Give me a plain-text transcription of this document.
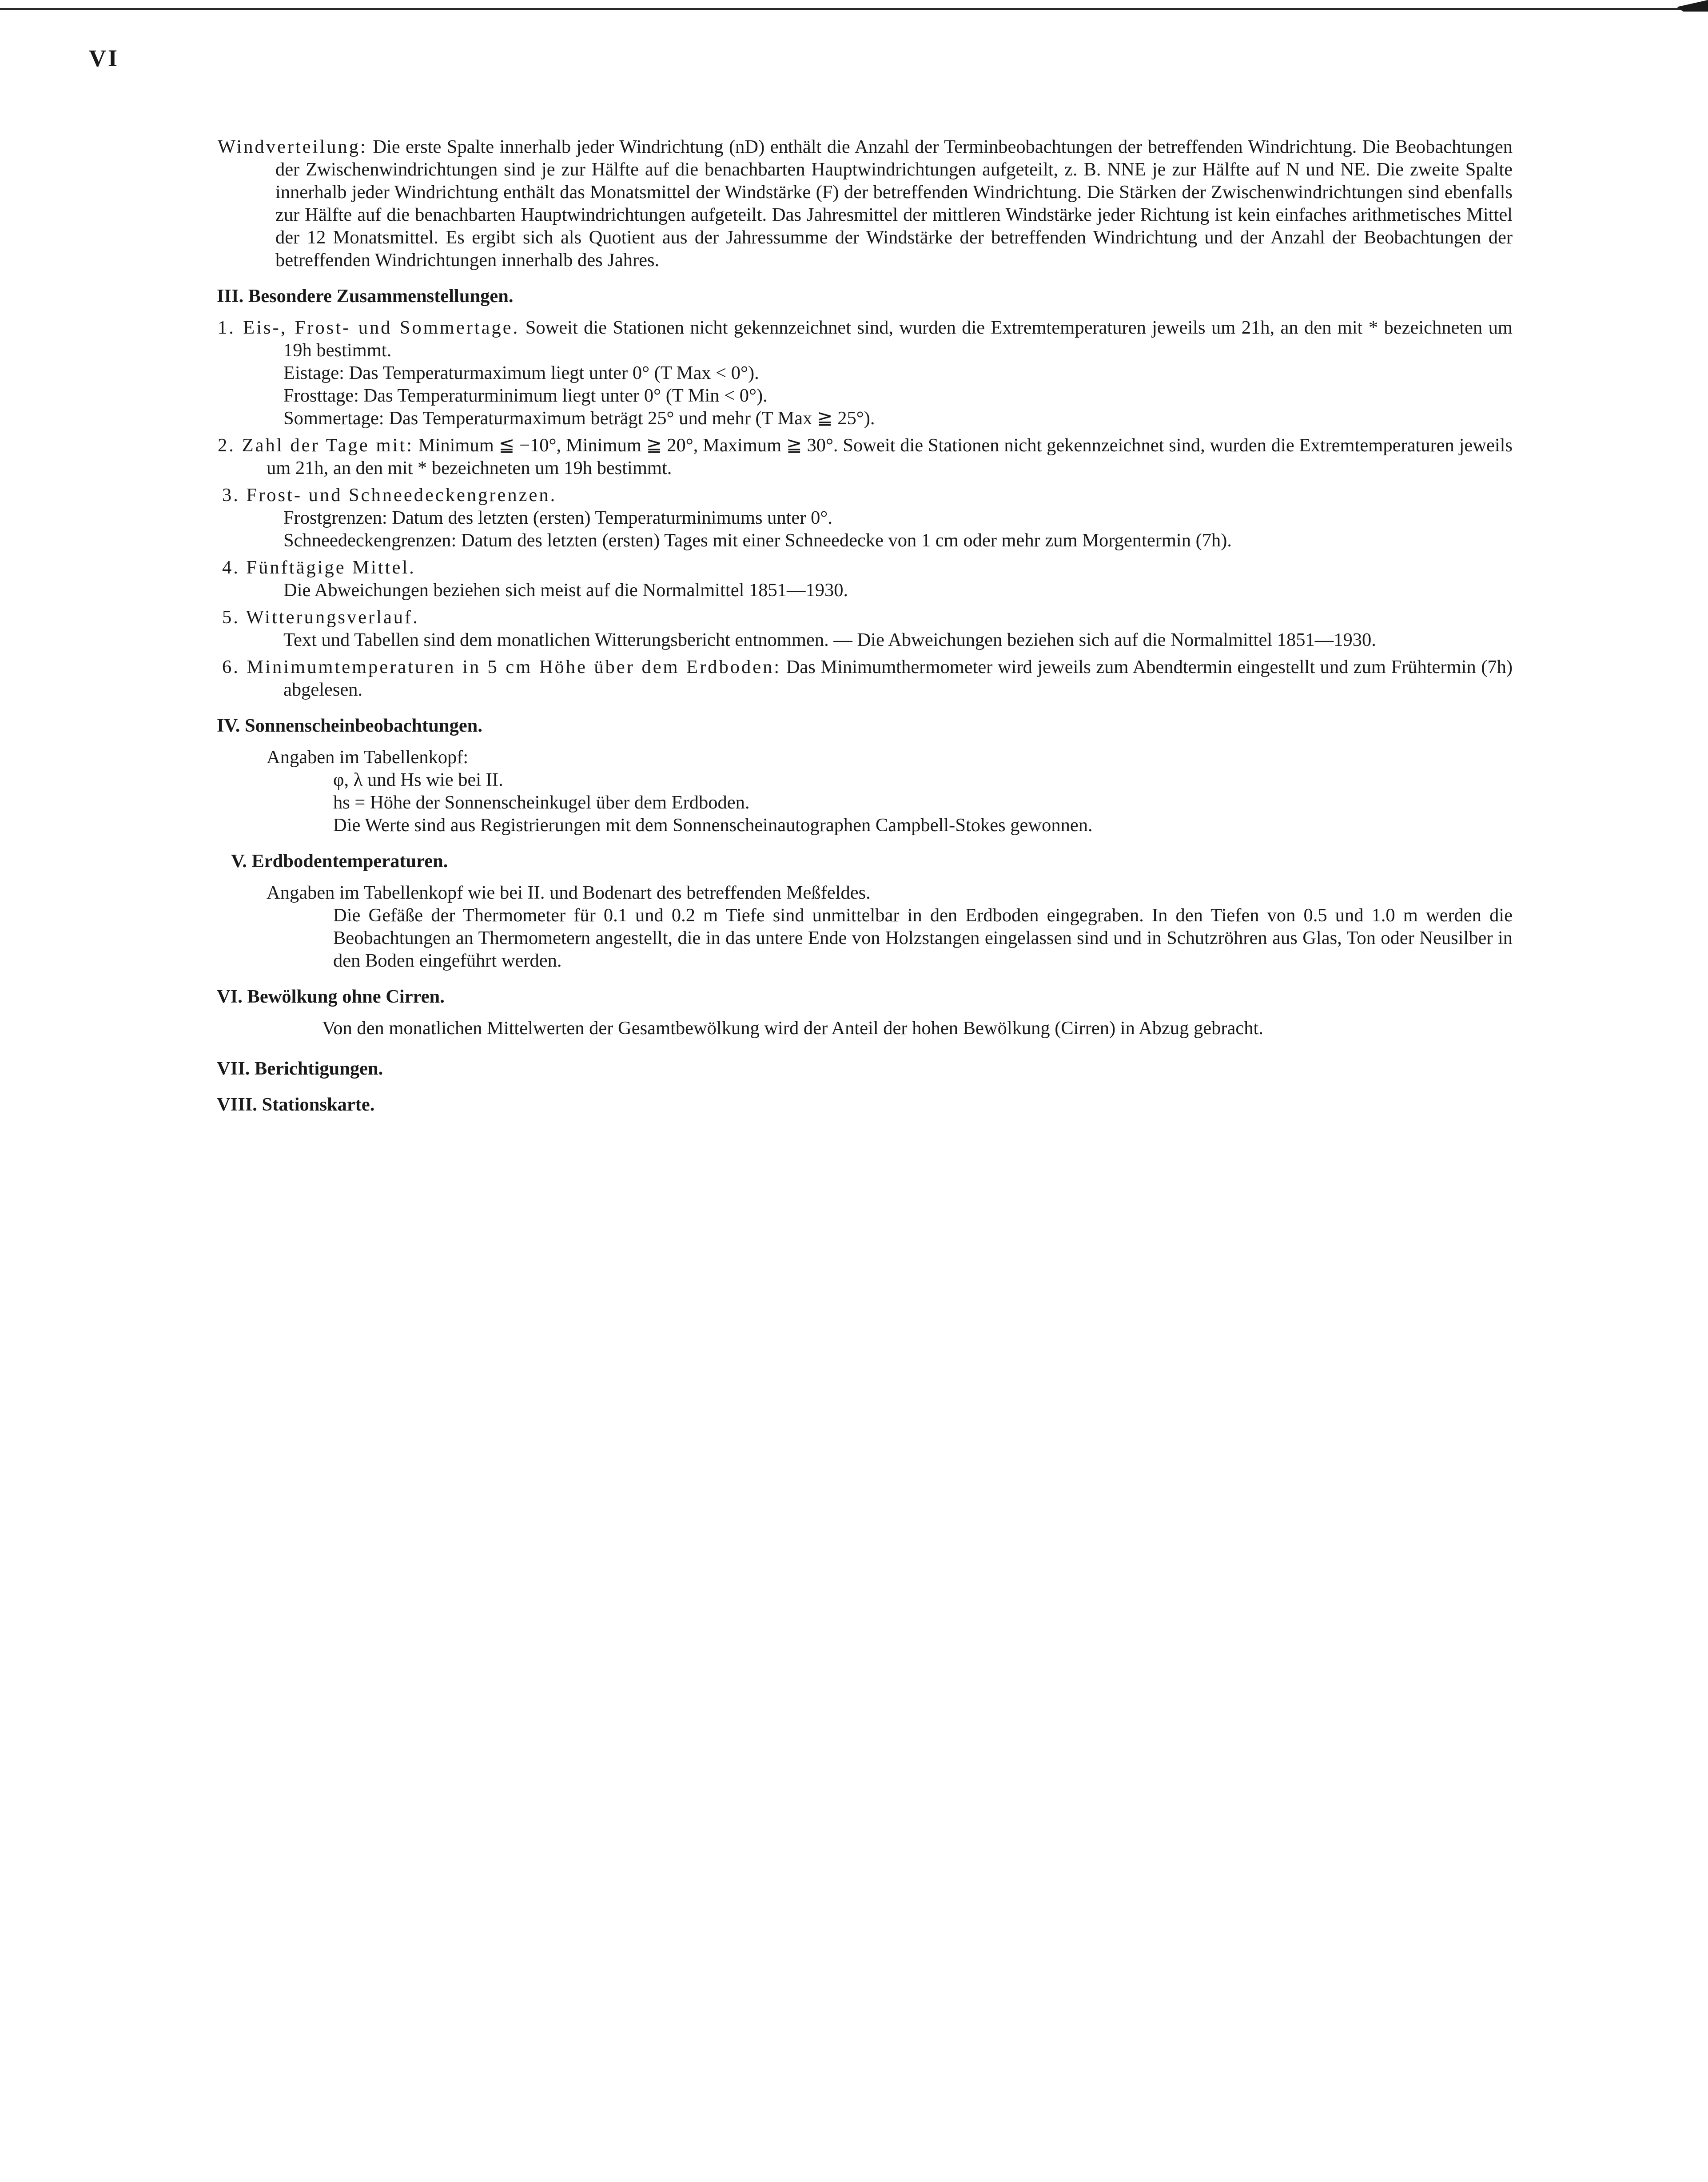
VI

Windverteilung: Die erste Spalte innerhalb jeder Windrichtung (nD) enthält die Anzahl der Terminbeobachtungen der betreffenden Windrichtung. Die Beobachtungen der Zwischenwindrichtungen sind je zur Hälfte auf die benachbarten Hauptwindrichtungen aufgeteilt, z. B. NNE je zur Hälfte auf N und NE. Die zweite Spalte innerhalb jeder Windrichtung enthält das Monatsmittel der Windstärke (F) der betreffenden Windrichtung. Die Stärken der Zwischenwindrichtungen sind ebenfalls zur Hälfte auf die benachbarten Hauptwindrichtungen aufgeteilt. Das Jahresmittel der mittleren Windstärke jeder Richtung ist kein einfaches arithmetisches Mittel der 12 Monatsmittel. Es ergibt sich als Quotient aus der Jahressumme der Windstärke der betreffenden Windrichtung und der Anzahl der Beobachtungen der betreffenden Windrichtungen innerhalb des Jahres.

III. Besondere Zusammenstellungen.
1. Eis-, Frost- und Sommertage. Soweit die Stationen nicht gekennzeichnet sind, wurden die Extremtemperaturen jeweils um 21h, an den mit * bezeichneten um 19h bestimmt.
Eistage: Das Temperaturmaximum liegt unter 0° (T Max < 0°).
Frosttage: Das Temperaturminimum liegt unter 0° (T Min < 0°).
Sommertage: Das Temperaturmaximum beträgt 25° und mehr (T Max ≧ 25°).
2. Zahl der Tage mit: Minimum ≦ −10°, Minimum ≧ 20°, Maximum ≧ 30°. Soweit die Stationen nicht gekennzeichnet sind, wurden die Extremtemperaturen jeweils um 21h, an den mit * bezeichneten um 19h bestimmt.
3. Frost- und Schneedeckengrenzen.
Frostgrenzen: Datum des letzten (ersten) Temperaturminimums unter 0°.
Schneedeckengrenzen: Datum des letzten (ersten) Tages mit einer Schneedecke von 1 cm oder mehr zum Morgentermin (7h).
4. Fünftägige Mittel.
Die Abweichungen beziehen sich meist auf die Normalmittel 1851—1930.
5. Witterungsverlauf.
Text und Tabellen sind dem monatlichen Witterungsbericht entnommen. — Die Abweichungen beziehen sich auf die Normalmittel 1851—1930.
6. Minimumtemperaturen in 5 cm Höhe über dem Erdboden: Das Minimumthermometer wird jeweils zum Abendtermin eingestellt und zum Frühtermin (7h) abgelesen.
IV. Sonnenscheinbeobachtungen.
Angaben im Tabellenkopf:
φ, λ und Hs wie bei II.
hs = Höhe der Sonnenscheinkugel über dem Erdboden.
Die Werte sind aus Registrierungen mit dem Sonnenscheinautographen Campbell-Stokes gewonnen.
V. Erdbodentemperaturen.
Angaben im Tabellenkopf wie bei II. und Bodenart des betreffenden Meßfeldes.
Die Gefäße der Thermometer für 0.1 und 0.2 m Tiefe sind unmittelbar in den Erdboden eingegraben. In den Tiefen von 0.5 und 1.0 m werden die Beobachtungen an Thermometern angestellt, die in das untere Ende von Holzstangen eingelassen sind und in Schutzröhren aus Glas, Ton oder Neusilber in den Boden eingeführt werden.
VI. Bewölkung ohne Cirren.
Von den monatlichen Mittelwerten der Gesamtbewölkung wird der Anteil der hohen Bewölkung (Cirren) in Abzug gebracht.
VII. Berichtigungen.
VIII. Stationskarte.
